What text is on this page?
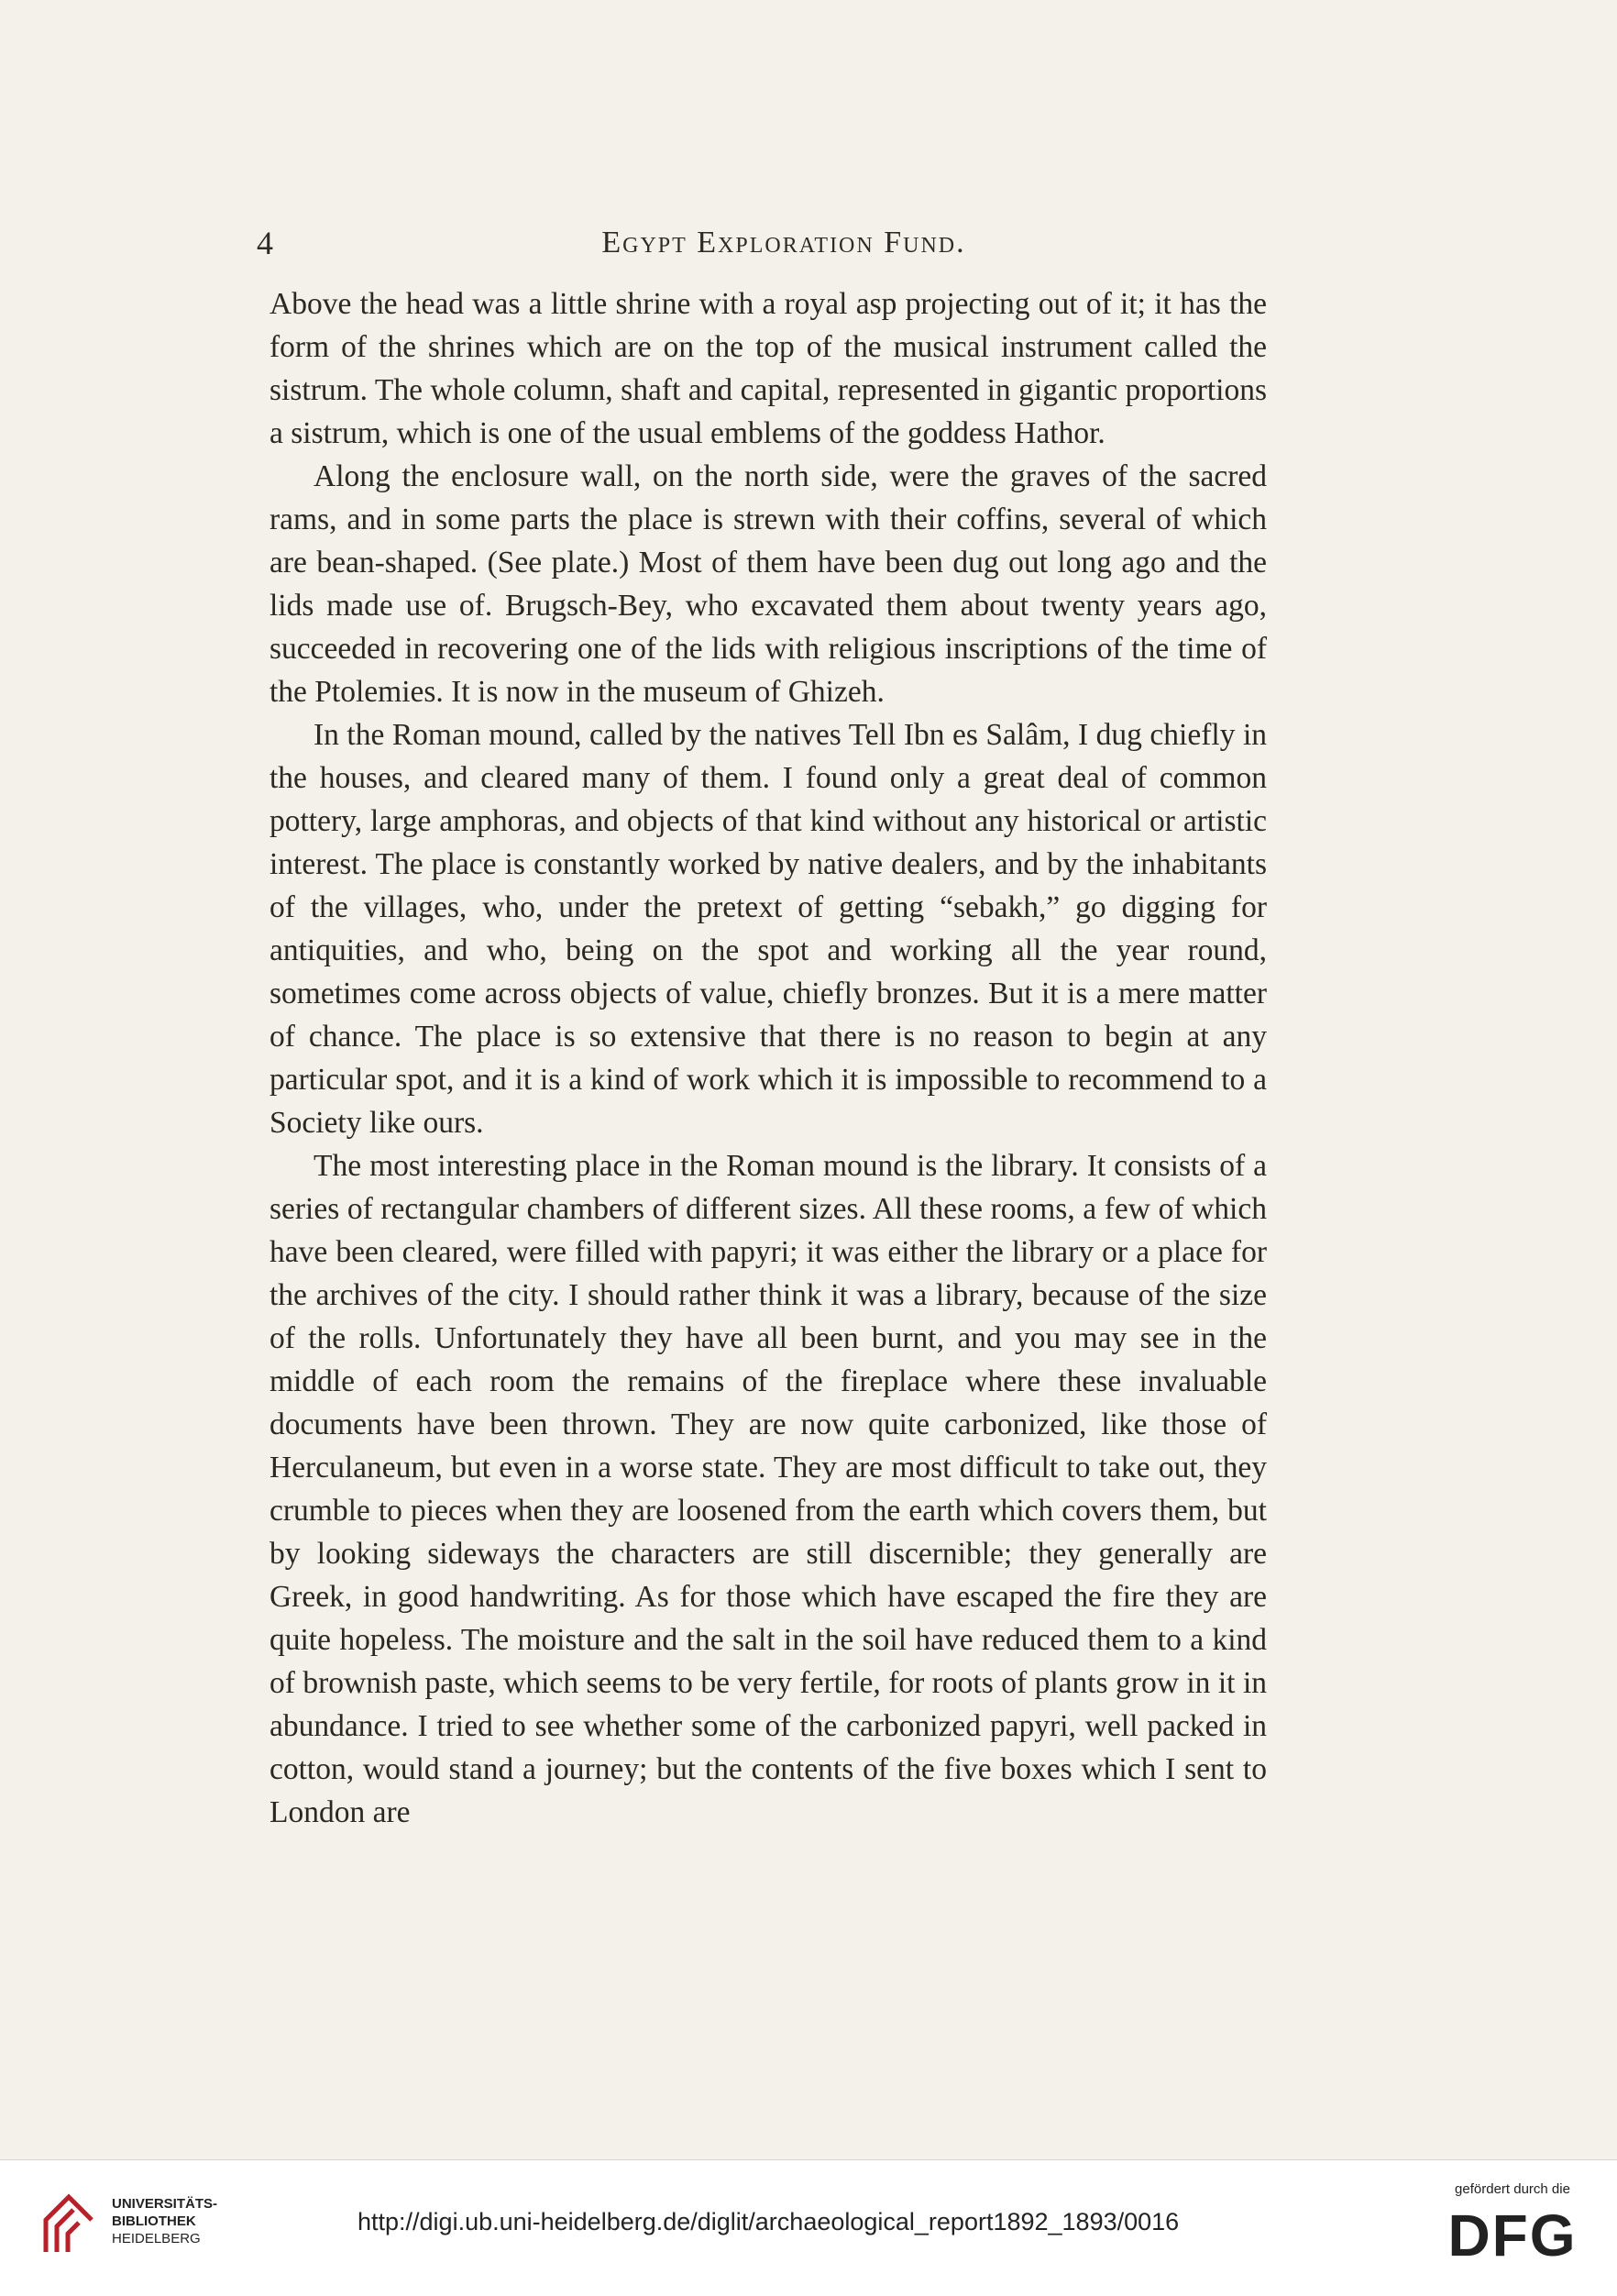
4	Egypt Exploration Fund.

Above the head was a little shrine with a royal asp projecting out of it; it has the form of the shrines which are on the top of the musical instrument called the sistrum. The whole column, shaft and capital, represented in gigantic proportions a sistrum, which is one of the usual emblems of the goddess Hathor.

Along the enclosure wall, on the north side, were the graves of the sacred rams, and in some parts the place is strewn with their coffins, several of which are bean-shaped. (See plate.) Most of them have been dug out long ago and the lids made use of. Brugsch-Bey, who excavated them about twenty years ago, succeeded in recovering one of the lids with religious inscriptions of the time of the Ptolemies. It is now in the museum of Ghizeh.

In the Roman mound, called by the natives Tell Ibn es Salâm, I dug chiefly in the houses, and cleared many of them. I found only a great deal of common pottery, large amphoras, and objects of that kind without any historical or artistic interest. The place is constantly worked by native dealers, and by the inhabitants of the villages, who, under the pretext of getting “sebakh,” go digging for antiquities, and who, being on the spot and working all the year round, sometimes come across objects of value, chiefly bronzes. But it is a mere matter of chance. The place is so extensive that there is no reason to begin at any particular spot, and it is a kind of work which it is impossible to recommend to a Society like ours.

The most interesting place in the Roman mound is the library. It consists of a series of rectangular chambers of different sizes. All these rooms, a few of which have been cleared, were filled with papyri; it was either the library or a place for the archives of the city. I should rather think it was a library, because of the size of the rolls. Unfortunately they have all been burnt, and you may see in the middle of each room the remains of the fireplace where these invaluable documents have been thrown. They are now quite carbonized, like those of Herculaneum, but even in a worse state. They are most difficult to take out, they crumble to pieces when they are loosened from the earth which covers them, but by looking sideways the characters are still discernible; they generally are Greek, in good handwriting. As for those which have escaped the fire they are quite hopeless. The moisture and the salt in the soil have reduced them to a kind of brownish paste, which seems to be very fertile, for roots of plants grow in it in abundance. I tried to see whether some of the carbonized papyri, well packed in cotton, would stand a journey; but the contents of the five boxes which I sent to London are

UNIVERSITÄTS-
BIBLIOTHEK
HEIDELBERG
http://digi.ub.uni-heidelberg.de/diglit/archaeological_report1892_1893/0016
gefördert durch die
DFG
